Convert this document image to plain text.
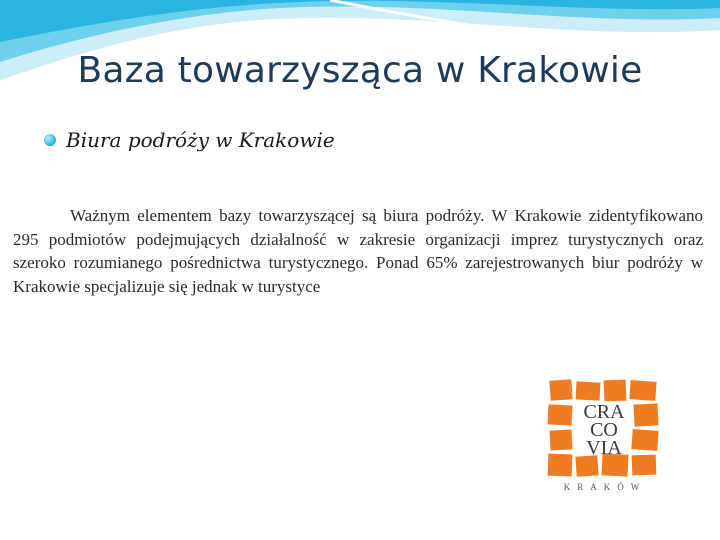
Baza towarzysząca w Krakowie
Biura podróży w Krakowie
Ważnym elementem bazy towarzyszącej są biura podróży. W Krakowie zidentyfikowano 295 podmiotów podejmujących działalność w zakresie organizacji imprez turystycznych oraz szeroko rozumianego pośrednictwa turystycznego. Ponad 65% zarejestrowanych biur podróży w Krakowie specjalizuje się jednak w turystyce
CRA
CO
VIA
KRAKÓW
